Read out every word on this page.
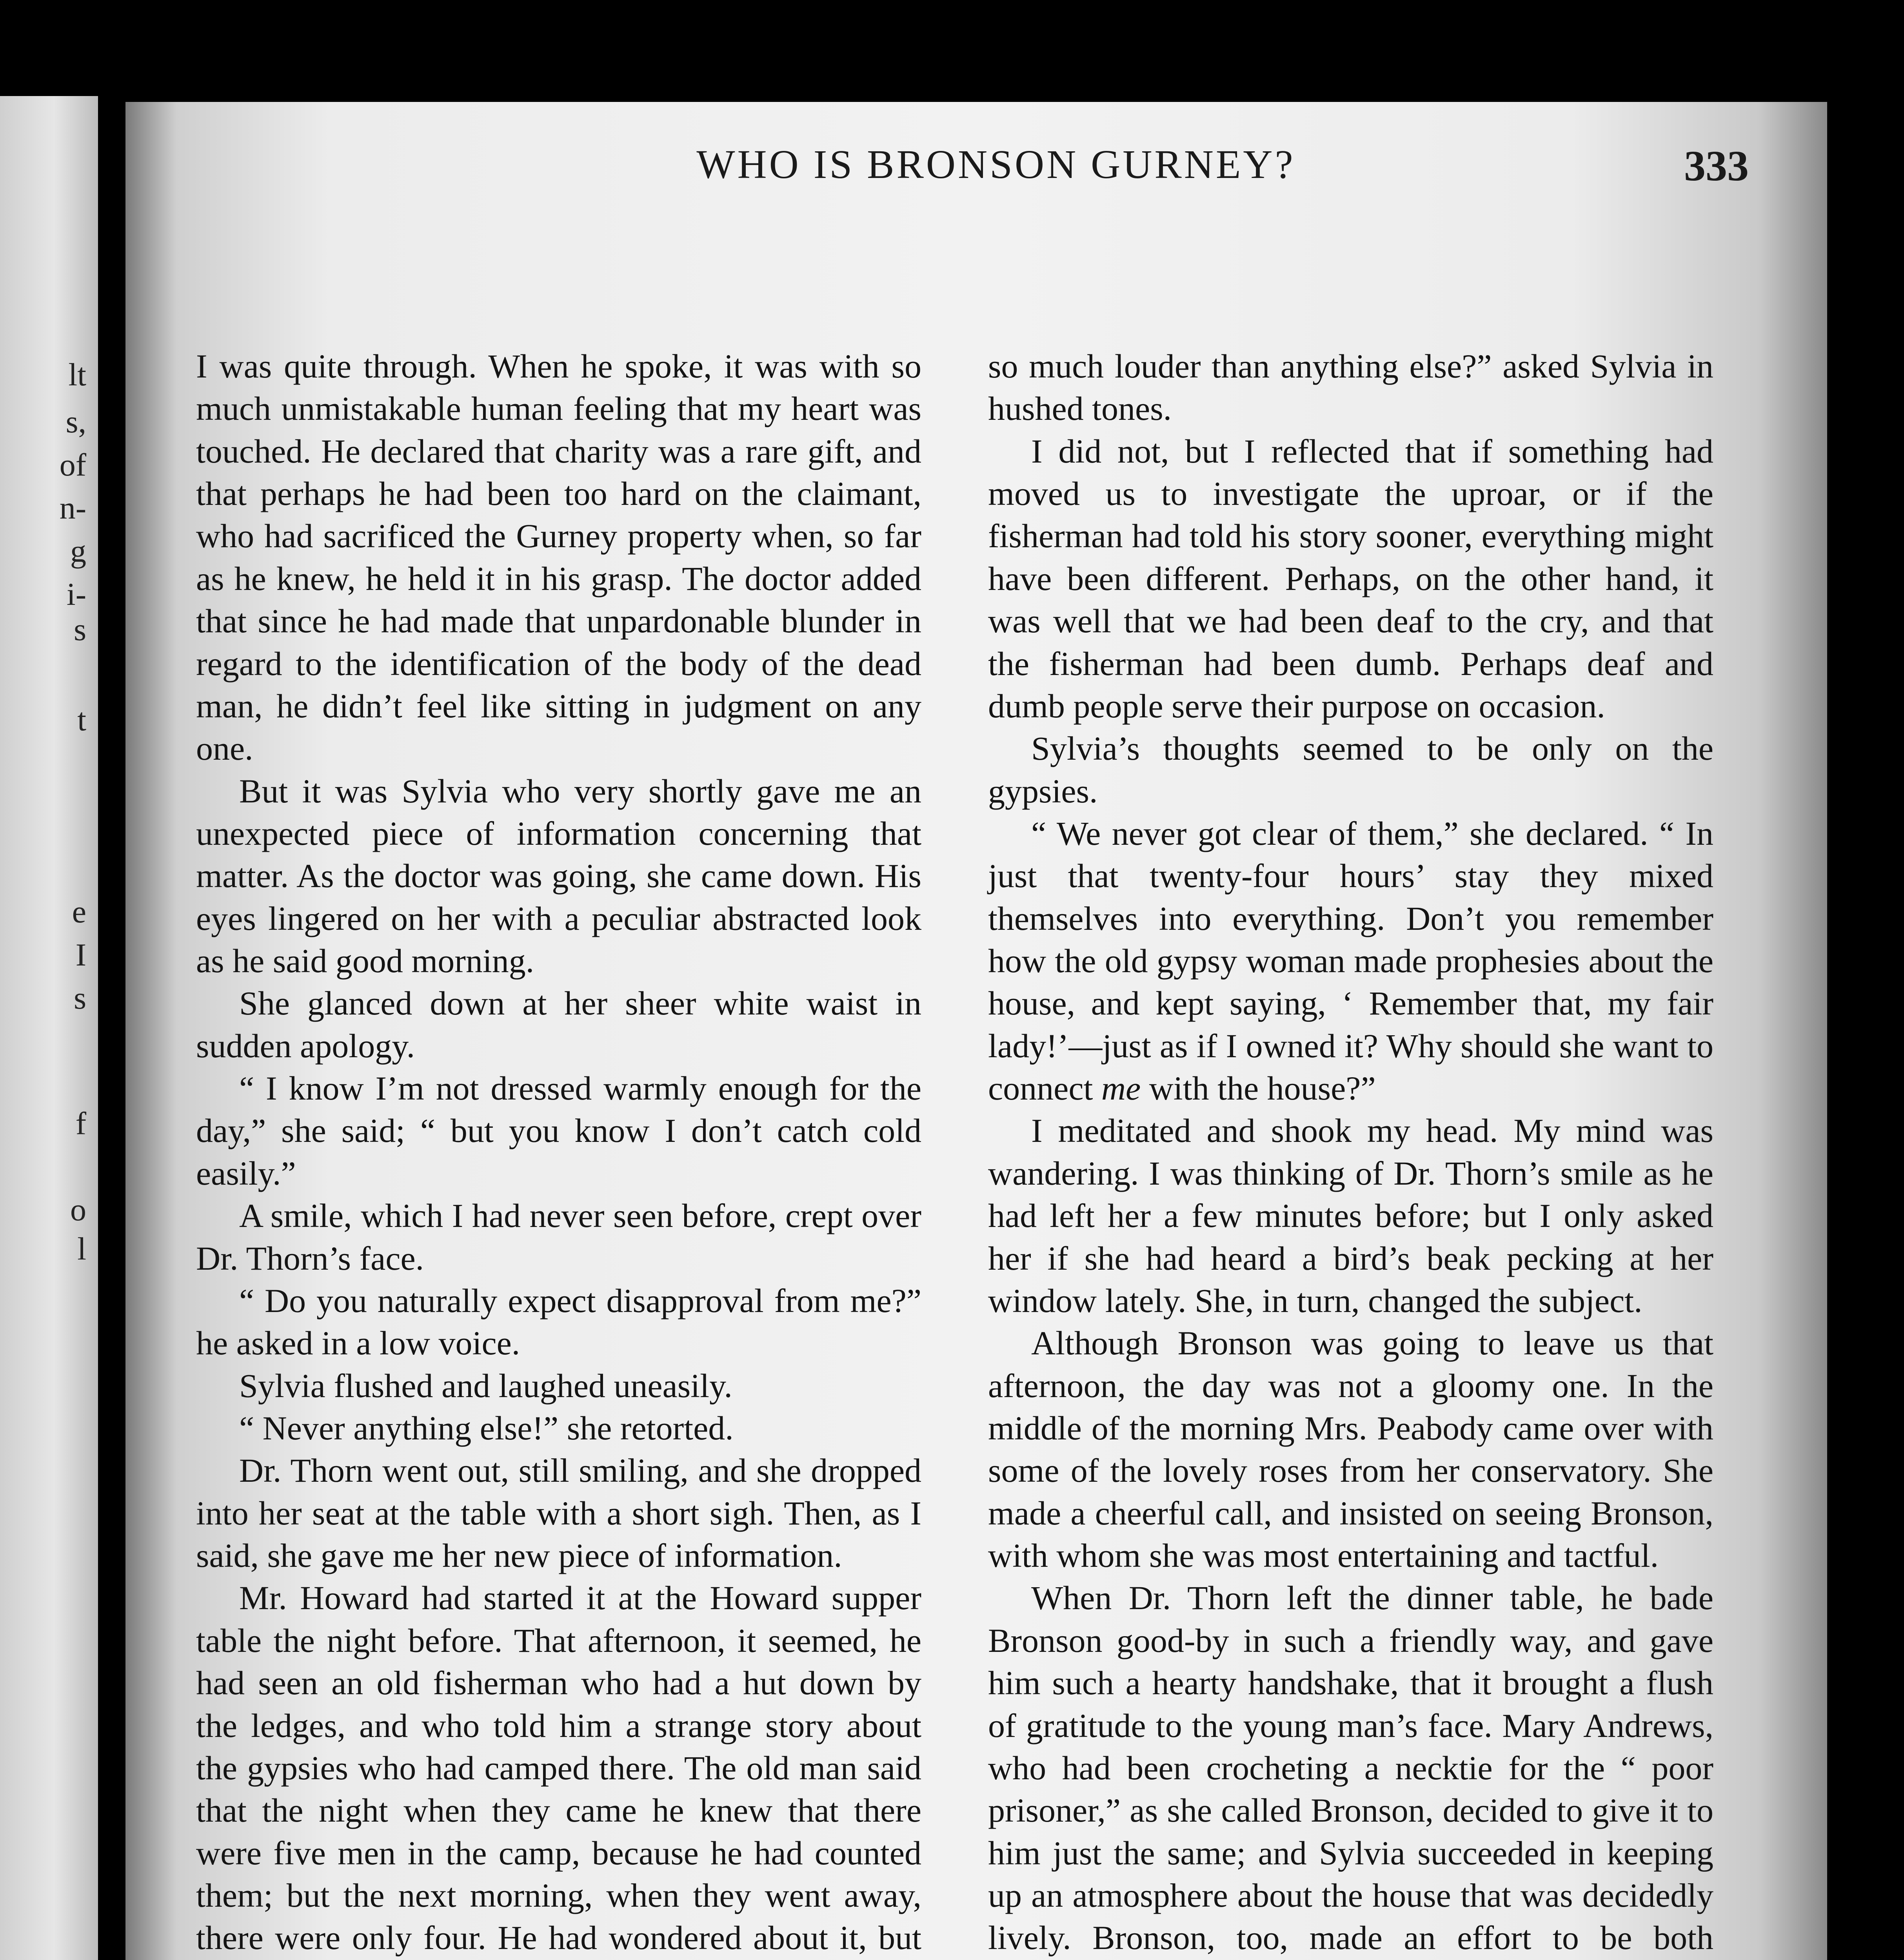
lt
s,
of
n-
g
i-
s
t
e
I
s
f
o
l
WHO IS BRONSON GURNEY?	333

I was quite through. When he spoke, it was with so much unmistakable human feeling that my heart was touched. He declared that charity was a rare gift, and that perhaps he had been too hard on the claimant, who had sacrificed the Gurney property when, so far as he knew, he held it in his grasp. The doctor added that since he had made that unpardonable blunder in regard to the identification of the body of the dead man, he didn’t feel like sitting in judgment on any one.

But it was Sylvia who very shortly gave me an unexpected piece of information concerning that matter. As the doctor was going, she came down. His eyes lingered on her with a peculiar abstracted look as he said good morning.

She glanced down at her sheer white waist in sudden apology.

“ I know I’m not dressed warmly enough for the day,” she said; “ but you know I don’t catch cold easily.”

A smile, which I had never seen before, crept over Dr. Thorn’s face.

“ Do you naturally expect disapproval from me?” he asked in a low voice.

Sylvia flushed and laughed uneasily.

“ Never anything else!” she retorted.

Dr. Thorn went out, still smiling, and she dropped into her seat at the table with a short sigh. Then, as I said, she gave me her new piece of information.

Mr. Howard had started it at the Howard supper table the night before. That afternoon, it seemed, he had seen an old fisherman who had a hut down by the ledges, and who told him a strange story about the gypsies who had camped there. The old man said that the night when they came he knew that there were five men in the camp, because he had counted them; but the next morning, when they went away, there were only four. He had wondered about it, but

so much louder than anything else?” asked Sylvia in hushed tones.

I did not, but I reflected that if something had moved us to investigate the uproar, or if the fisherman had told his story sooner, everything might have been different. Perhaps, on the other hand, it was well that we had been deaf to the cry, and that the fisherman had been dumb. Perhaps deaf and dumb people serve their purpose on occasion.

Sylvia’s thoughts seemed to be only on the gypsies.

“ We never got clear of them,” she declared. “ In just that twenty-four hours’ stay they mixed themselves into everything. Don’t you remember how the old gypsy woman made prophesies about the house, and kept saying, ‘ Remember that, my fair lady!’—just as if I owned it? Why should she want to connect me with the house?”

I meditated and shook my head. My mind was wandering. I was thinking of Dr. Thorn’s smile as he had left her a few minutes before; but I only asked her if she had heard a bird’s beak pecking at her window lately. She, in turn, changed the subject.

Although Bronson was going to leave us that afternoon, the day was not a gloomy one. In the middle of the morning Mrs. Peabody came over with some of the lovely roses from her conservatory. She made a cheerful call, and insisted on seeing Bronson, with whom she was most entertaining and tactful.

When Dr. Thorn left the dinner table, he bade Bronson good-by in such a friendly way, and gave him such a hearty handshake, that it brought a flush of gratitude to the young man’s face. Mary Andrews, who had been crocheting a necktie for the “ poor prisoner,” as she called Bronson, decided to give it to him just the same; and Sylvia succeeded in keeping up an atmosphere about the house that was decidedly lively. Bronson, too, made an effort to be both
